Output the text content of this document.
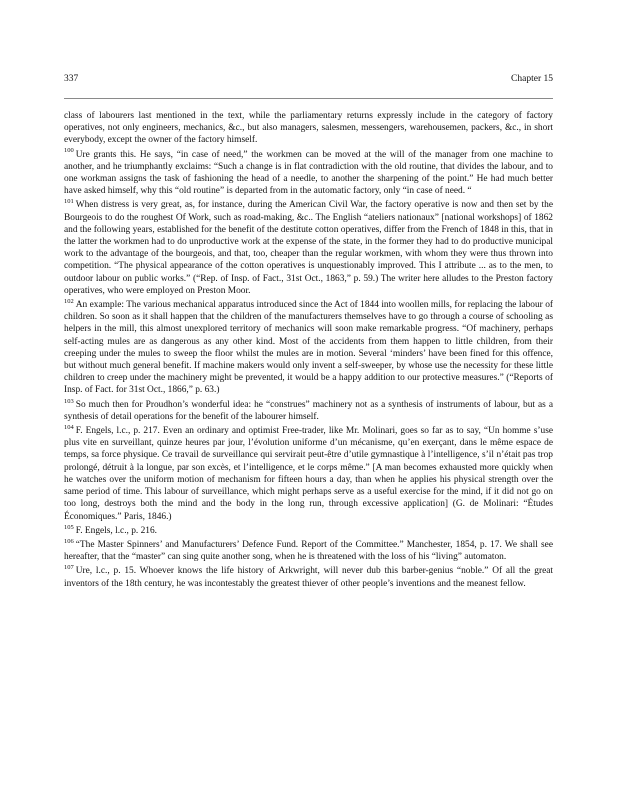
337	Chapter 15

class of labourers last mentioned in the text, while the parliamentary returns expressly include in the category of factory operatives, not only engineers, mechanics, &c., but also managers, salesmen, messengers, warehousemen, packers, &c., in short everybody, except the owner of the factory himself.

$^{100}$ Ure grants this. He says, “in case of need,” the workmen can be moved at the will of the manager from one machine to another, and he triumphantly exclaims: “Such a change is in flat contradiction with the old routine, that divides the labour, and to one workman assigns the task of fashioning the head of a needle, to another the sharpening of the point.” He had much better have asked himself, why this “old routine” is departed from in the automatic factory, only “in case of need. “

$^{101}$ When distress is very great, as, for instance, during the American Civil War, the factory operative is now and then set by the Bourgeois to do the roughest Of Work, such as road-making, &c.. The English “ateliers nationaux” [national workshops] of 1862 and the following years, established for the benefit of the destitute cotton operatives, differ from the French of 1848 in this, that in the latter the workmen had to do unproductive work at the expense of the state, in the former they had to do productive municipal work to the advantage of the bourgeois, and that, too, cheaper than the regular workmen, with whom they were thus thrown into competition. “The physical appearance of the cotton operatives is unquestionably improved. This I attribute ... as to the men, to outdoor labour on public works.” (“Rep. of Insp. of Fact., 31st Oct., 1863,” p. 59.) The writer here alludes to the Preston factory operatives, who were employed on Preston Moor.

$^{102}$ An example: The various mechanical apparatus introduced since the Act of 1844 into woollen mills, for replacing the labour of children. So soon as it shall happen that the children of the manufacturers themselves have to go through a course of schooling as helpers in the mill, this almost unexplored territory of mechanics will soon make remarkable progress. “Of machinery, perhaps self-acting mules are as dangerous as any other kind. Most of the accidents from them happen to little children, from their creeping under the mules to sweep the floor whilst the mules are in motion. Several ‘minders’ have been fined for this offence, but without much general benefit. If machine makers would only invent a self-sweeper, by whose use the necessity for these little children to creep under the machinery might be prevented, it would be a happy addition to our protective measures.” (“Reports of Insp. of Fact. for 31st Oct., 1866,” p. 63.)

$^{103}$ So much then for Proudhon’s wonderful idea: he “construes” machinery not as a synthesis of instruments of labour, but as a synthesis of detail operations for the benefit of the labourer himself.

$^{104}$ F. Engels, l.c., p. 217. Even an ordinary and optimist Free-trader, like Mr. Molinari, goes so far as to say, “Un homme s’use plus vite en surveillant, quinze heures par jour, l’évolution uniforme d’un mécanisme, qu’en exerçant, dans le même espace de temps, sa force physique. Ce travail de surveillance qui servirait peut-être d’utile gymnastique à l’intelligence, s’il n’était pas trop prolongé, détruit à la longue, par son excès, et l’intelligence, et le corps même.” [A man becomes exhausted more quickly when he watches over the uniform motion of mechanism for fifteen hours a day, than when he applies his physical strength over the same period of time. This labour of surveillance, which might perhaps serve as a useful exercise for the mind, if it did not go on too long, destroys both the mind and the body in the long run, through excessive application] (G. de Molinari: “Études Économiques.” Paris, 1846.)

$^{105}$ F. Engels, l.c., p. 216.

$^{106}$ “The Master Spinners’ and Manufacturers’ Defence Fund. Report of the Committee.” Manchester, 1854, p. 17. We shall see hereafter, that the “master” can sing quite another song, when he is threatened with the loss of his “living” automaton.

$^{107}$ Ure, l.c., p. 15. Whoever knows the life history of Arkwright, will never dub this barber-genius “noble.” Of all the great inventors of the 18th century, he was incontestably the greatest thiever of other people’s inventions and the meanest fellow.
